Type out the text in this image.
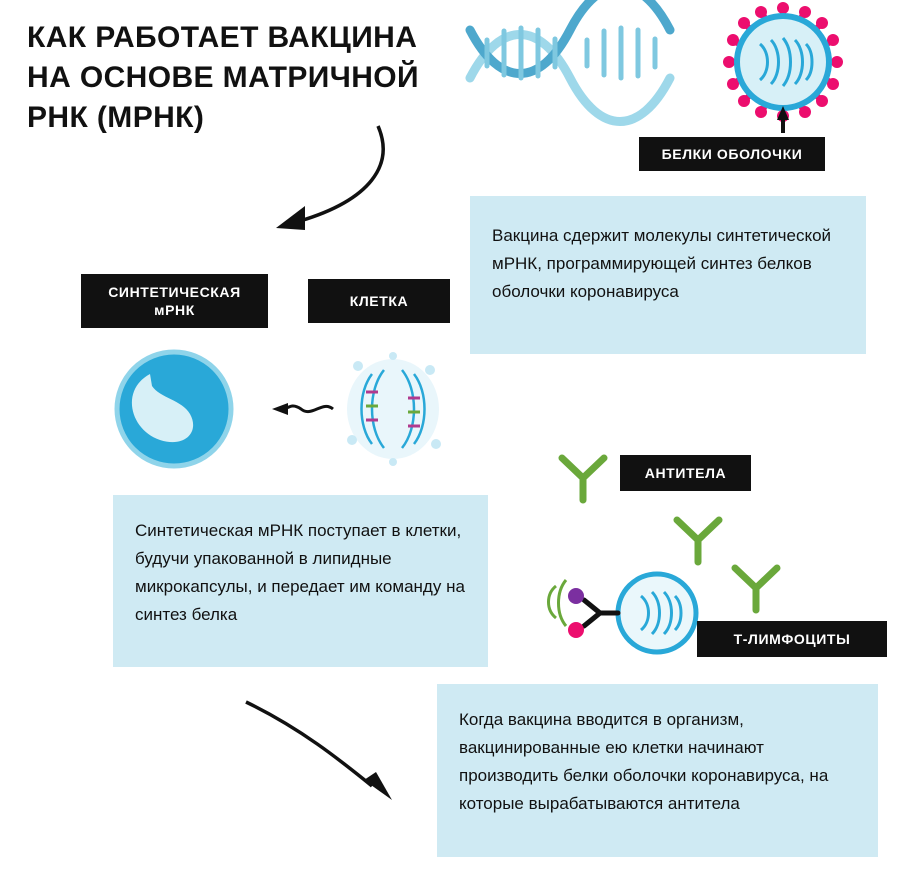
КАК РАБОТАЕТ ВАКЦИНА НА ОСНОВЕ МАТРИЧНОЙ РНК (МРНК)
БЕЛКИ ОБОЛОЧКИ
СИНТЕТИЧЕСКАЯ мРНК
КЛЕТКА
АНТИТЕЛА
Т-ЛИМФОЦИТЫ

Вакцина сдержит молекулы синтетической мРНК, программирующей синтез белков оболочки коронавируса

Синтетическая мРНК поступает в клетки, будучи упакованной в липидные микрокапсулы, и передает им команду на синтез белка

Когда вакцина вводится в организм, вакцинированные ею клетки начинают производить белки оболочки коронавируса, на которые вырабатываются антитела
